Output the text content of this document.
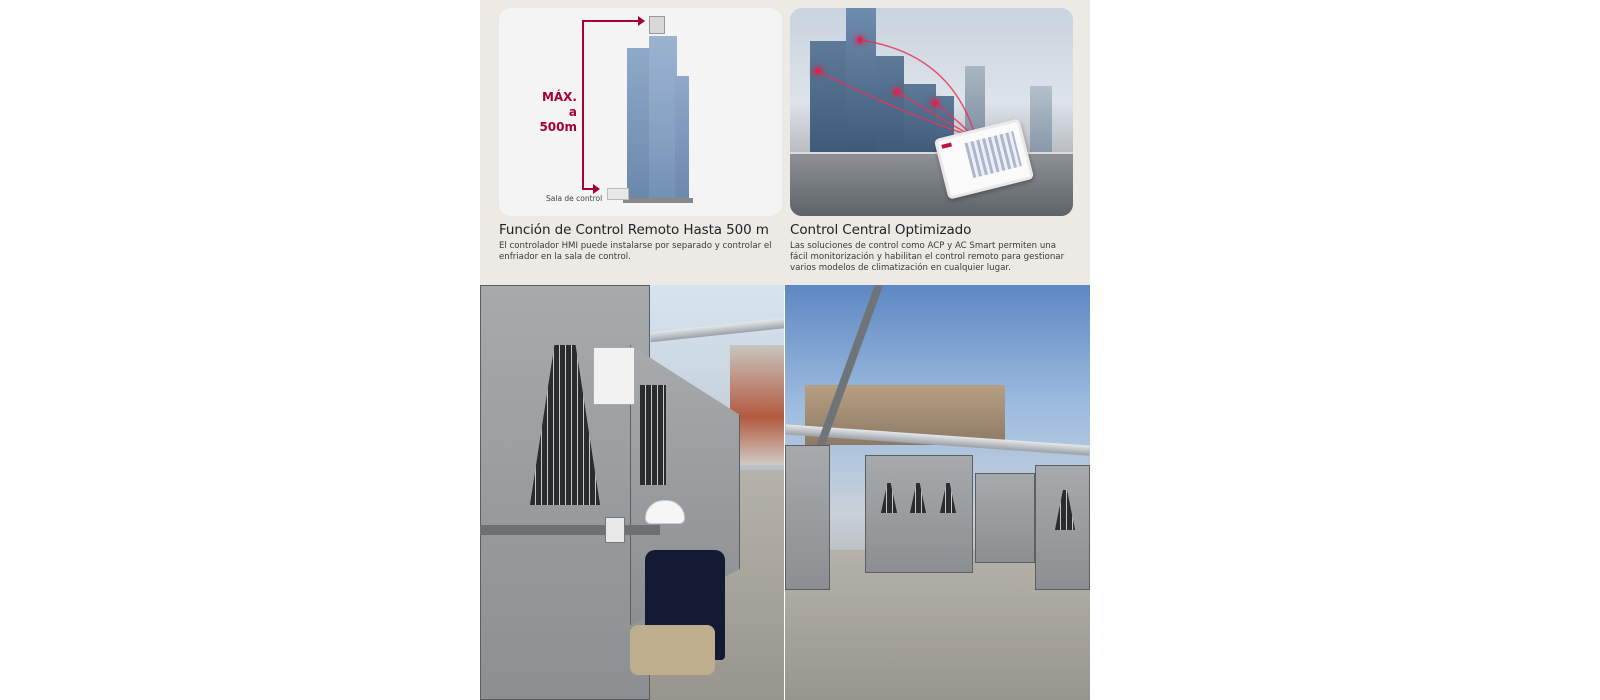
MÁX.
a 500m
Sala de control
Función de Control Remoto Hasta 500 m

El controlador HMI puede instalarse por separado y controlar el enfriador en la sala de control.

Control Central Optimizado

Las soluciones de control como ACP y AC Smart permiten una fácil monitorización y habilitan el control remoto para gestionar varios modelos de climatización en cualquier lugar.
